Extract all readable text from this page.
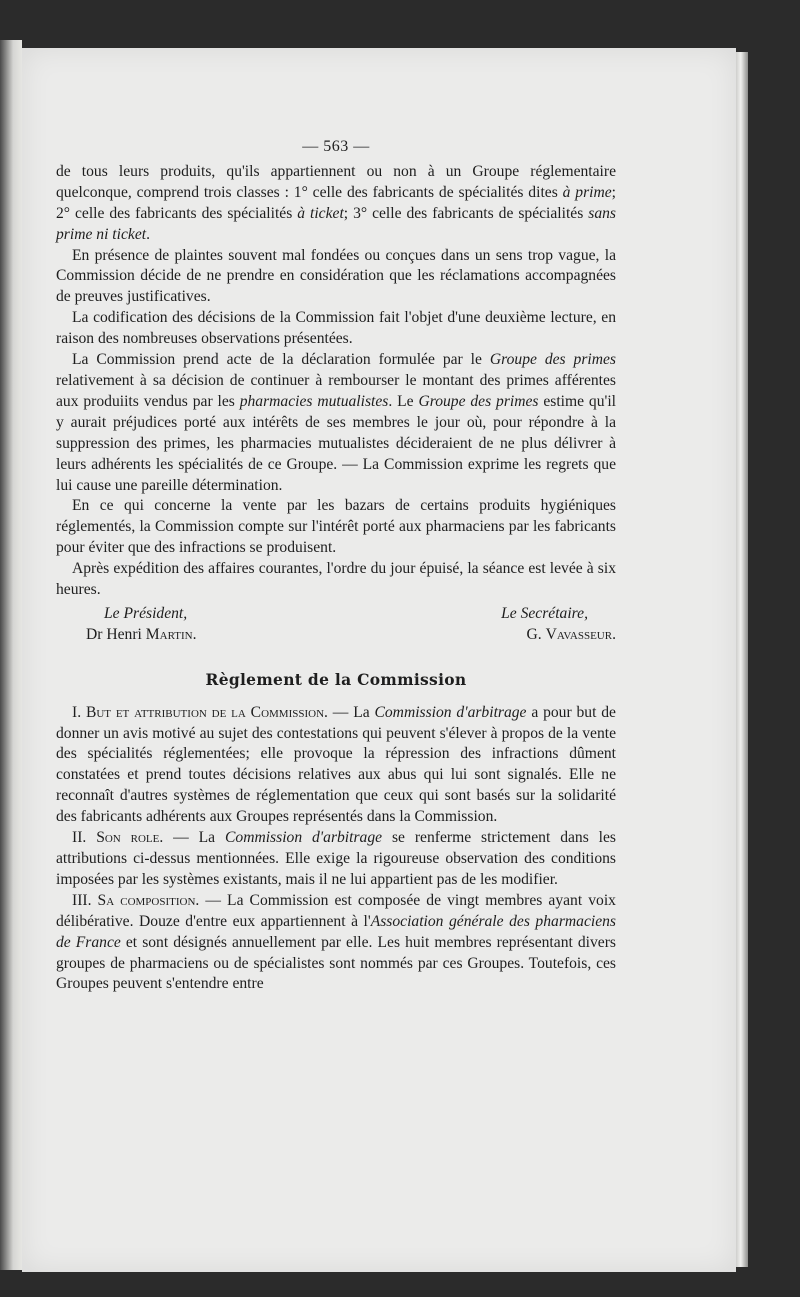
— 563 —

de tous leurs produits, qu'ils appartiennent ou non à un Groupe réglementaire quelconque, comprend trois classes : 1° celle des fabricants de spécialités dites à prime; 2° celle des fabricants des spécialités à ticket; 3° celle des fabricants de spécialités sans prime ni ticket.

En présence de plaintes souvent mal fondées ou conçues dans un sens trop vague, la Commission décide de ne prendre en considération que les réclamations accompagnées de preuves justificatives.

La codification des décisions de la Commission fait l'objet d'une deuxième lecture, en raison des nombreuses observations présentées.

La Commission prend acte de la déclaration formulée par le Groupe des primes relativement à sa décision de continuer à rembourser le montant des primes afférentes aux produiits vendus par les pharmacies mutualistes. Le Groupe des primes estime qu'il y aurait préjudices porté aux intérêts de ses membres le jour où, pour répondre à la suppression des primes, les pharmacies mutualistes décideraient de ne plus délivrer à leurs adhérents les spécialités de ce Groupe. — La Commission exprime les regrets que lui cause une pareille détermination.

En ce qui concerne la vente par les bazars de certains produits hygiéniques réglementés, la Commission compte sur l'intérêt porté aux pharmaciens par les fabricants pour éviter que des infractions se produisent.

Après expédition des affaires courantes, l'ordre du jour épuisé, la séance est levée à six heures.

Le Président,
Dr Henri Martin.
Le Secrétaire,
G. Vavasseur.
Règlement de la Commission

I. But et attribution de la Commission. — La Commission d'arbitrage a pour but de donner un avis motivé au sujet des contestations qui peuvent s'élever à propos de la vente des spécialités réglementées; elle provoque la répression des infractions dûment constatées et prend toutes décisions relatives aux abus qui lui sont signalés. Elle ne reconnaît d'autres systèmes de réglementation que ceux qui sont basés sur la solidarité des fabricants adhérents aux Groupes représentés dans la Commission.

II. Son role. — La Commission d'arbitrage se renferme strictement dans les attributions ci-dessus mentionnées. Elle exige la rigoureuse observation des conditions imposées par les systèmes existants, mais il ne lui appartient pas de les modifier.

III. Sa composition. — La Commission est composée de vingt membres ayant voix délibérative. Douze d'entre eux appartiennent à l'Association générale des pharmaciens de France et sont désignés annuellement par elle. Les huit membres représentant divers groupes de pharmaciens ou de spécialistes sont nommés par ces Groupes. Toutefois, ces Groupes peuvent s'entendre entre
